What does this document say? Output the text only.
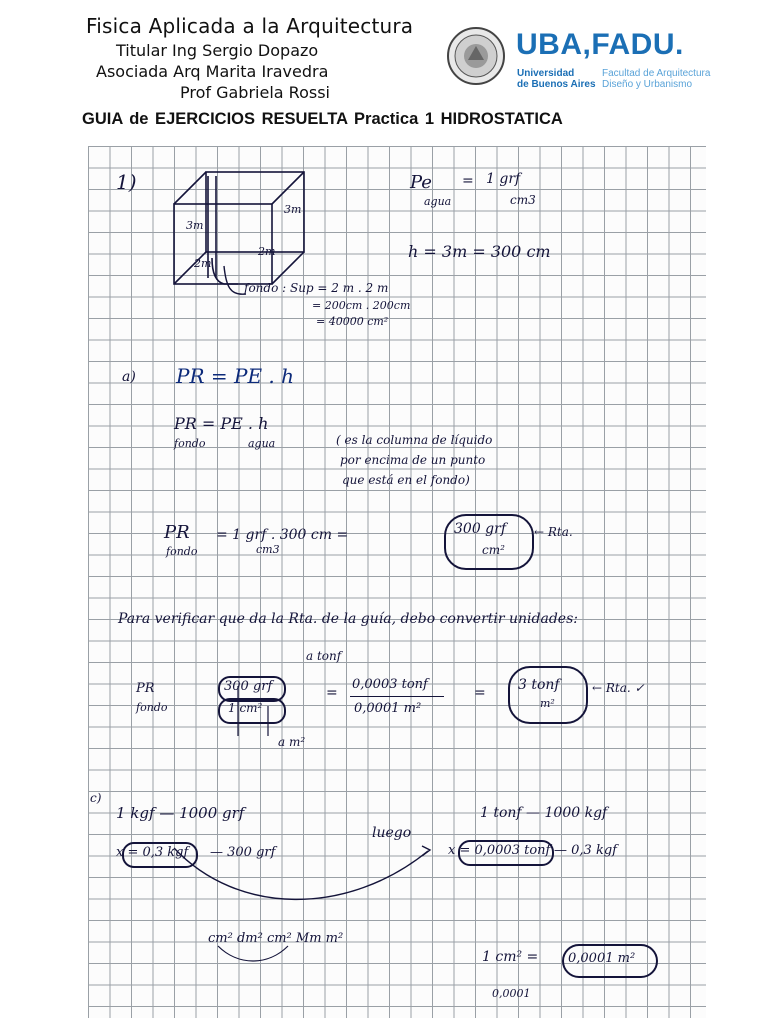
Fisica Aplicada a la Arquitectura
Titular Ing Sergio Dopazo
Asociada Arq Marita Iravedra
Prof Gabriela Rossi
UBA,FADU.
Universidad
de Buenos Aires
Facultad de Arquitectura
Diseño y Urbanismo
GUIA de EJERCICIOS RESUELTA Practica 1 HIDROSTATICA
1)
3m
3m
2m
2m
Pe = 1 grf
agua	cm3
h = 3m = 300 cm
fondo : Sup = 2 m . 2 m
= 200cm . 200cm
= 40000 cm²
a) PR = PE . h
PR = PE . h
fondo	agua	( es la columna de líquido
por encima de un punto
que está en el fondo)
PR
fondo
= 1 grf . 300 cm =
cm3
300 grf
cm²
← Rta.
Para verificar que da la Rta. de la guía, debo convertir unidades:
a tonf
PR
fondo
300 grf
1 cm²
=
0,0003 tonf
0,0001 m²
= 3 tonf
m²
← Rta. ✓
a m²
c)
1 kgf — 1000 grf
x = 0,3 kgf — 300 grf
luego
1 tonf — 1000 kgf
x = 0,0003 tonf — 0,3 kgf
cm² dm² cm² Mm m²
1 cm² = 0,0001 m²
0,0001
